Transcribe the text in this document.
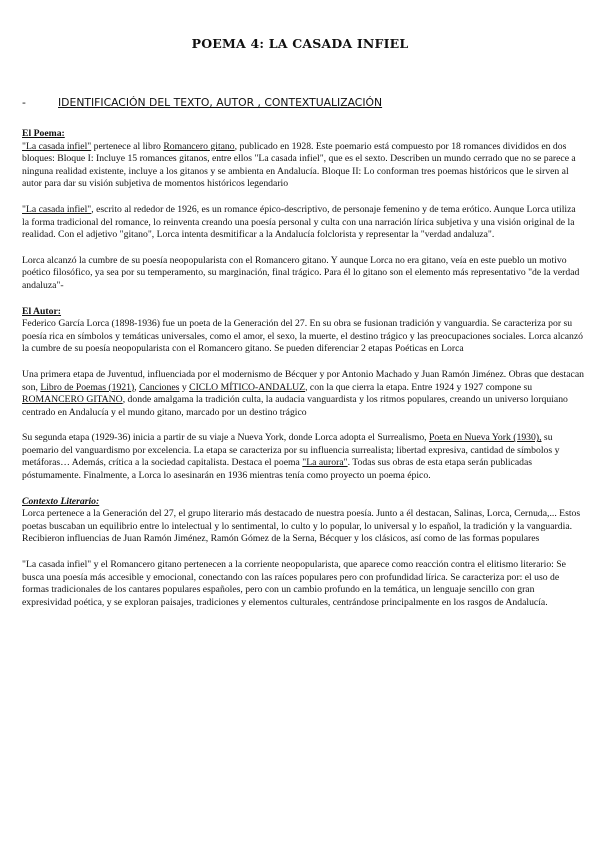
POEMA 4: LA CASADA INFIEL
-	IDENTIFICACIÓN DEL TEXTO, AUTOR , CONTEXTUALIZACIÓN
El Poema:

"La casada infiel" pertenece al libro Romancero gitano, publicado en 1928. Este poemario está compuesto por 18 romances divididos en dos bloques: Bloque I: Incluye 15 romances gitanos, entre ellos "La casada infiel", que es el sexto. Describen un mundo cerrado que no se parece a ninguna realidad existente, incluye a los gitanos y se ambienta en Andalucía. Bloque II: Lo conforman tres poemas históricos que le sirven al autor para dar su visión subjetiva de momentos históricos legendario

"La casada infiel", escrito al rededor de 1926, es un romance épico-descriptivo, de personaje femenino y de tema erótico. Aunque Lorca utiliza la forma tradicional del romance, lo reinventa creando una poesía personal y culta con una narración lírica subjetiva y una visión original de la realidad. Con el adjetivo "gitano", Lorca intenta desmitificar a la Andalucía folclorista y representar la "verdad andaluza".

Lorca alcanzó la cumbre de su poesía neopopularista con el Romancero gitano. Y aunque Lorca no era gitano, veía en este pueblo un motivo poético filosófico, ya sea por su temperamento, su marginación, final trágico. Para él lo gitano son el elemento más representativo "de la verdad andaluza"-

El Autor:

Federico García Lorca (1898-1936) fue un poeta de la Generación del 27. En su obra se fusionan tradición y vanguardia. Se caracteriza por su poesía rica en símbolos y temáticas universales, como el amor, el sexo, la muerte, el destino trágico y las preocupaciones sociales. Lorca alcanzó la cumbre de su poesía neopopularista con el Romancero gitano. Se pueden diferenciar 2 etapas Poéticas en Lorca

Una primera etapa de Juventud, influenciada por el modernismo de Bécquer y por Antonio Machado y Juan Ramón Jiménez. Obras que destacan son, Libro de Poemas (1921), Canciones y CICLO MÍTICO-ANDALUZ, con la que cierra la etapa. Entre 1924 y 1927 compone su ROMANCERO GITANO, donde amalgama la tradición culta, la audacia vanguardista y los ritmos populares, creando un universo lorquiano centrado en Andalucía y el mundo gitano, marcado por un destino trágico

Su segunda etapa (1929-36) inicia a partir de su viaje a Nueva York, donde Lorca adopta el Surrealismo, Poeta en Nueva York (1930), su poemario del vanguardismo por excelencia. La etapa se caracteriza por su influencia surrealista; libertad expresiva, cantidad de símbolos y metáforas… Además, crítica a la sociedad capitalista. Destaca el poema "La aurora". Todas sus obras de esta etapa serán publicadas póstumamente. Finalmente, a Lorca lo asesinarán en 1936 mientras tenía como proyecto un poema épico.

Contexto Literario:

Lorca pertenece a la Generación del 27, el grupo literario más destacado de nuestra poesía. Junto a él destacan, Salinas, Lorca, Cernuda,... Estos poetas buscaban un equilibrio entre lo intelectual y lo sentimental, lo culto y lo popular, lo universal y lo español, la tradición y la vanguardia. Recibieron influencias de Juan Ramón Jiménez, Ramón Gómez de la Serna, Bécquer y los clásicos, así como de las formas populares

"La casada infiel" y el Romancero gitano pertenecen a la corriente neopopularista, que aparece como reacción contra el elitismo literario: Se busca una poesía más accesible y emocional, conectando con las raíces populares pero con profundidad lírica. Se caracteriza por: el uso de formas tradicionales de los cantares populares españoles, pero con un cambio profundo en la temática, un lenguaje sencillo con gran expresividad poética, y se exploran paisajes, tradiciones y elementos culturales, centrándose principalmente en los rasgos de Andalucía.
